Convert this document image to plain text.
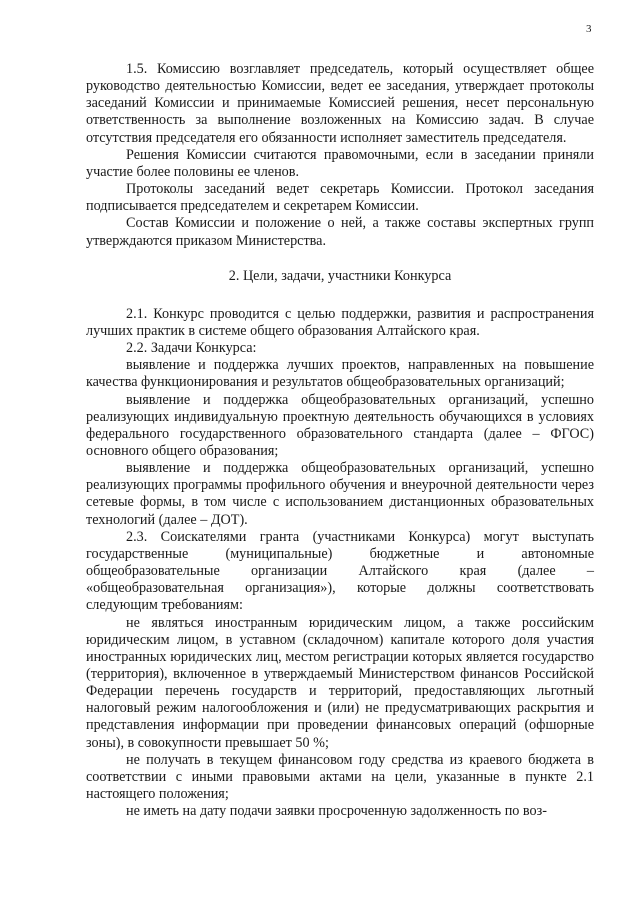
3

1.5. Комиссию возглавляет председатель, который осуществляет общее руководство деятельностью Комиссии, ведет ее заседания, утверждает протоколы заседаний Комиссии и принимаемые Комиссией решения, несет персональную ответственность за выполнение возложенных на Комиссию задач. В случае отсутствия председателя его обязанности исполняет заместитель председателя.

Решения Комиссии считаются правомочными, если в заседании приняли участие более половины ее членов.

Протоколы заседаний ведет секретарь Комиссии. Протокол заседания подписывается председателем и секретарем Комиссии.

Состав Комиссии и положение о ней, а также составы экспертных групп утверждаются приказом Министерства.

2. Цели, задачи, участники Конкурса

2.1. Конкурс проводится с целью поддержки, развития и распространения лучших практик в системе общего образования Алтайского края.

2.2. Задачи Конкурса:

выявление и поддержка лучших проектов, направленных на повышение качества функционирования и результатов общеобразовательных организаций;

выявление и поддержка общеобразовательных организаций, успешно реализующих индивидуальную проектную деятельность обучающихся в условиях федерального государственного образовательного стандарта (далее – ФГОС) основного общего образования;

выявление и поддержка общеобразовательных организаций, успешно реализующих программы профильного обучения и внеурочной деятельности через сетевые формы, в том числе с использованием дистанционных образовательных технологий (далее – ДОТ).

2.3. Соискателями гранта (участниками Конкурса) могут выступать государственные (муниципальные) бюджетные и автономные общеобразовательные организации Алтайского края (далее – «общеобразовательная организация»), которые должны соответствовать следующим требованиям:

не являться иностранным юридическим лицом, а также российским юридическим лицом, в уставном (складочном) капитале которого доля участия иностранных юридических лиц, местом регистрации которых является государство (территория), включенное в утверждаемый Министерством финансов Российской Федерации перечень государств и территорий, предоставляющих льготный налоговый режим налогообложения и (или) не предусматривающих раскрытия и представления информации при проведении финансовых операций (офшорные зоны), в совокупности превышает 50 %;

не получать в текущем финансовом году средства из краевого бюджета в соответствии с иными правовыми актами на цели, указанные в пункте 2.1 настоящего положения;

не иметь на дату подачи заявки просроченную задолженность по воз-
